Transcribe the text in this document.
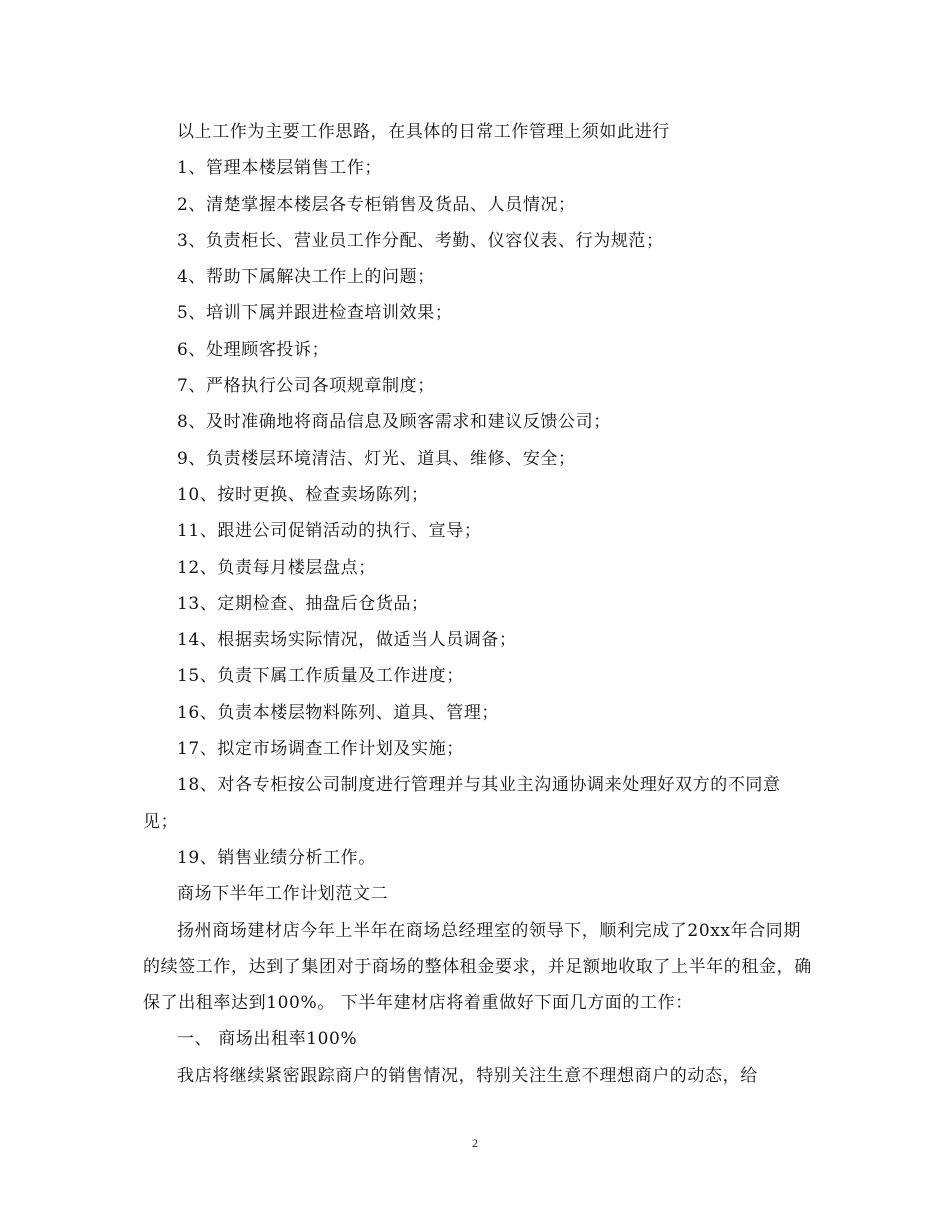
以上工作为主要工作思路，在具体的日常工作管理上须如此进行

1、管理本楼层销售工作；

2、清楚掌握本楼层各专柜销售及货品、人员情况；

3、负责柜长、营业员工作分配、考勤、仪容仪表、行为规范；

4、帮助下属解决工作上的问题；

5、培训下属并跟进检查培训效果；

6、处理顾客投诉；

7、严格执行公司各项规章制度；

8、及时准确地将商品信息及顾客需求和建议反馈公司；

9、负责楼层环境清洁、灯光、道具、维修、安全；

10、按时更换、检查卖场陈列；

11、跟进公司促销活动的执行、宣导；

12、负责每月楼层盘点；

13、定期检查、抽盘后仓货品；

14、根据卖场实际情况，做适当人员调备；

15、负责下属工作质量及工作进度；

16、负责本楼层物料陈列、道具、管理；

17、拟定市场调查工作计划及实施；

18、对各专柜按公司制度进行管理并与其业主沟通协调来处理好双方的不同意见；

19、销售业绩分析工作。

商场下半年工作计划范文二

扬州商场建材店今年上半年在商场总经理室的领导下，顺利完成了20xx年合同期的续签工作，达到了集团对于商场的整体租金要求，并足额地收取了上半年的租金，确保了出租率达到100%。 下半年建材店将着重做好下面几方面的工作：

一、 商场出租率100%

我店将继续紧密跟踪商户的销售情况，特别关注生意不理想商户的动态，给

2
